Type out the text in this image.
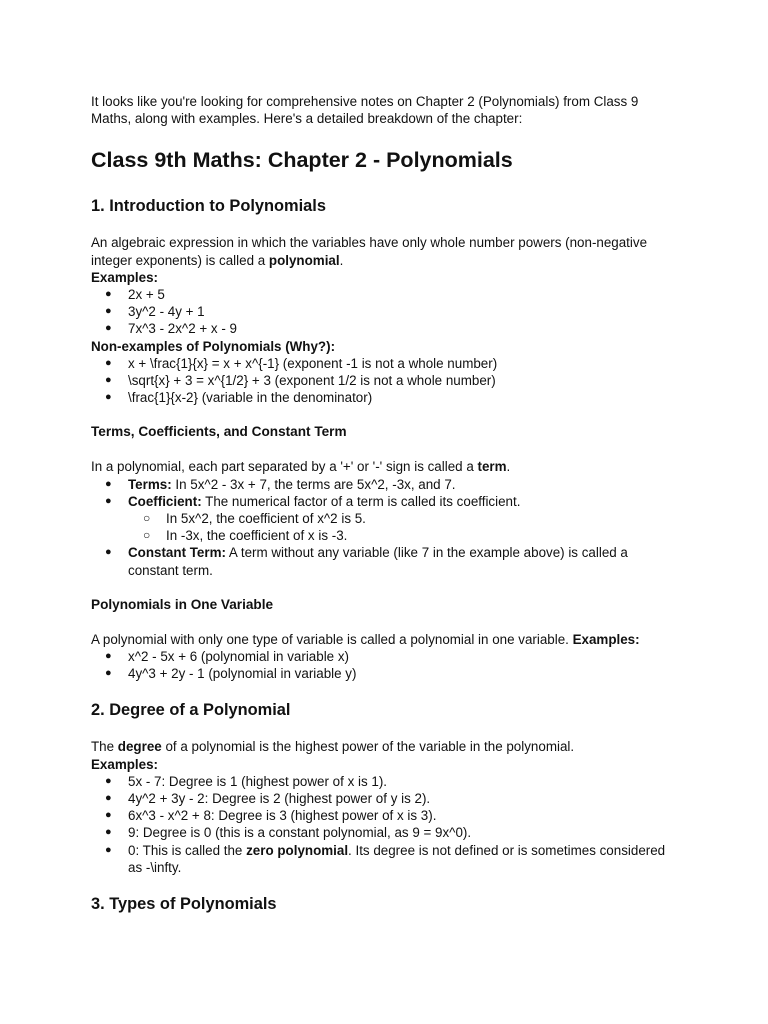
It looks like you're looking for comprehensive notes on Chapter 2 (Polynomials) from Class 9 Maths, along with examples. Here's a detailed breakdown of the chapter:

Class 9th Maths: Chapter 2 - Polynomials
1. Introduction to Polynomials

An algebraic expression in which the variables have only whole number powers (non-negative integer exponents) is called a polynomial.

Examples:

● 2x + 5
● 3y^2 - 4y + 1
● 7x^3 - 2x^2 + x - 9

Non-examples of Polynomials (Why?):

● x + \frac{1}{x} = x + x^{-1} (exponent -1 is not a whole number)
● \sqrt{x} + 3 = x^{1/2} + 3 (exponent 1/2 is not a whole number)
● \frac{1}{x-2} (variable in the denominator)
Terms, Coefficients, and Constant Term

In a polynomial, each part separated by a '+' or '-' sign is called a term.

● Terms: In 5x^2 - 3x + 7, the terms are 5x^2, -3x, and 7.
● Coefficient: The numerical factor of a term is called its coefficient.
○ In 5x^2, the coefficient of x^2 is 5.
○ In -3x, the coefficient of x is -3.
● Constant Term: A term without any variable (like 7 in the example above) is called a constant term.
Polynomials in One Variable

A polynomial with only one type of variable is called a polynomial in one variable. Examples:

● x^2 - 5x + 6 (polynomial in variable x)
● 4y^3 + 2y - 1 (polynomial in variable y)
2. Degree of a Polynomial

The degree of a polynomial is the highest power of the variable in the polynomial.

Examples:

● 5x - 7: Degree is 1 (highest power of x is 1).
● 4y^2 + 3y - 2: Degree is 2 (highest power of y is 2).
● 6x^3 - x^2 + 8: Degree is 3 (highest power of x is 3).
● 9: Degree is 0 (this is a constant polynomial, as 9 = 9x^0).
● 0: This is called the zero polynomial. Its degree is not defined or is sometimes considered as -\infty.
3. Types of Polynomials
